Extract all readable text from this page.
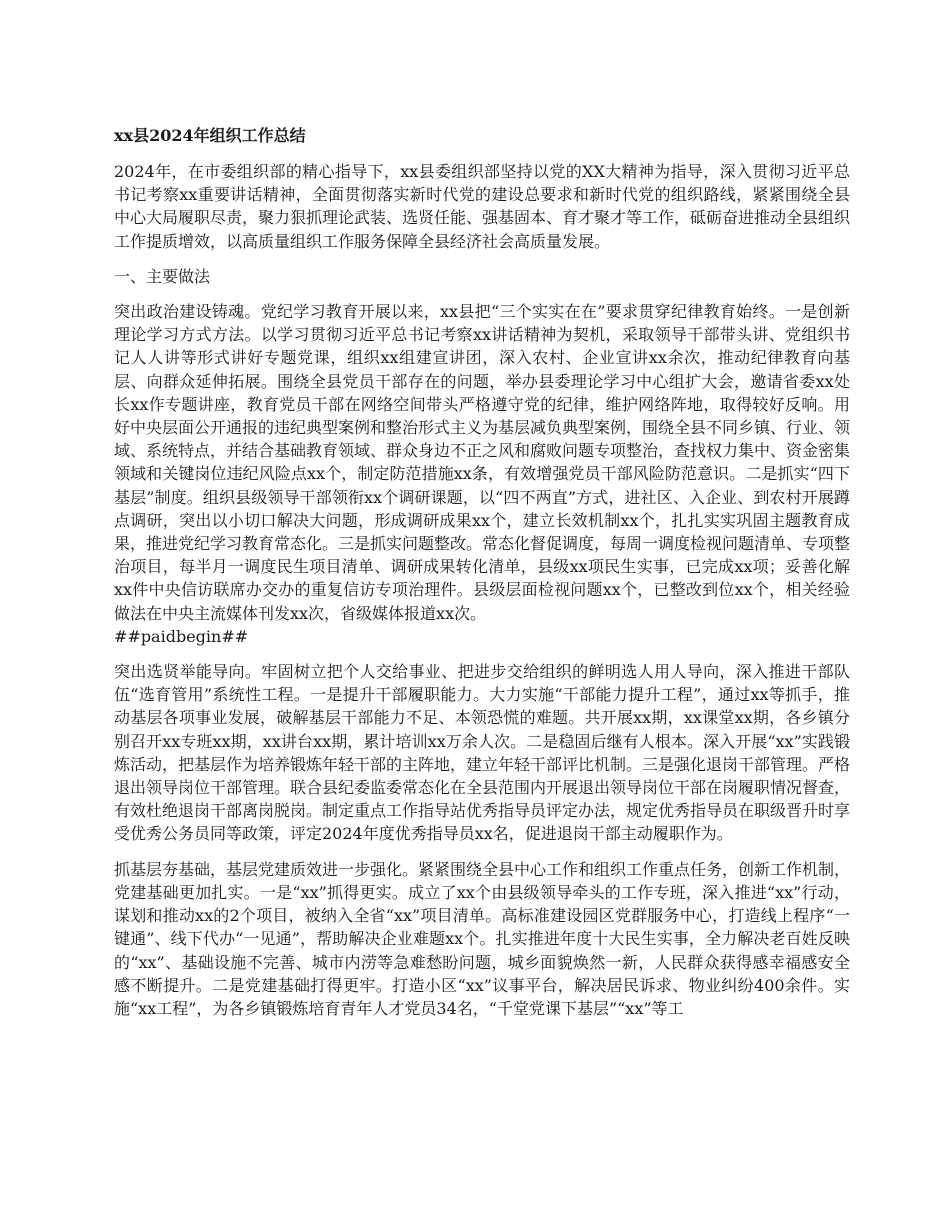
xx县2024年组织工作总结
2024年，在市委组织部的精心指导下，xx县委组织部坚持以党的XX大精神为指导，深入贯彻习近平总书记考察xx重要讲话精神，全面贯彻落实新时代党的建设总要求和新时代党的组织路线，紧紧围绕全县中心大局履职尽责，聚力狠抓理论武装、选贤任能、强基固本、育才聚才等工作，砥砺奋进推动全县组织工作提质增效，以高质量组织工作服务保障全县经济社会高质量发展。
一、主要做法
突出政治建设铸魂。党纪学习教育开展以来，xx县把“三个实实在在”要求贯穿纪律教育始终。一是创新理论学习方式方法。以学习贯彻习近平总书记考察xx讲话精神为契机，采取领导干部带头讲、党组织书记人人讲等形式讲好专题党课，组织xx组建宣讲团，深入农村、企业宣讲xx余次，推动纪律教育向基层、向群众延伸拓展。围绕全县党员干部存在的问题，举办县委理论学习中心组扩大会，邀请省委xx处长xx作专题讲座，教育党员干部在网络空间带头严格遵守党的纪律，维护网络阵地，取得较好反响。用好中央层面公开通报的违纪典型案例和整治形式主义为基层减负典型案例，围绕全县不同乡镇、行业、领域、系统特点，并结合基础教育领域、群众身边不正之风和腐败问题专项整治，查找权力集中、资金密集领域和关键岗位违纪风险点xx个，制定防范措施xx条，有效增强党员干部风险防范意识。二是抓实“四下基层”制度。组织县级领导干部领衔xx个调研课题，以“四不两直”方式，进社区、入企业、到农村开展蹲点调研，突出以小切口解决大问题，形成调研成果xx个，建立长效机制xx个，扎扎实实巩固主题教育成果，推进党纪学习教育常态化。三是抓实问题整改。常态化督促调度，每周一调度检视问题清单、专项整治项目，每半月一调度民生项目清单、调研成果转化清单，县级xx项民生实事，已完成xx项；妥善化解xx件中央信访联席办交办的重复信访专项治理件。县级层面检视问题xx个，已整改到位xx个，相关经验做法在中央主流媒体刊发xx次，省级媒体报道xx次。
##paidbegin##
突出选贤举能导向。牢固树立把个人交给事业、把进步交给组织的鲜明选人用人导向，深入推进干部队伍“选育管用”系统性工程。一是提升干部履职能力。大力实施“干部能力提升工程”，通过xx等抓手，推动基层各项事业发展，破解基层干部能力不足、本领恐慌的难题。共开展xx期，xx课堂xx期，各乡镇分别召开xx专班xx期，xx讲台xx期，累计培训xx万余人次。二是稳固后继有人根本。深入开展“xx”实践锻炼活动，把基层作为培养锻炼年轻干部的主阵地，建立年轻干部评比机制。三是强化退岗干部管理。严格退出领导岗位干部管理。联合县纪委监委常态化在全县范围内开展退出领导岗位干部在岗履职情况督查，有效杜绝退岗干部离岗脱岗。制定重点工作指导站优秀指导员评定办法，规定优秀指导员在职级晋升时享受优秀公务员同等政策，评定2024年度优秀指导员xx名，促进退岗干部主动履职作为。
抓基层夯基础，基层党建质效进一步强化。紧紧围绕全县中心工作和组织工作重点任务，创新工作机制，党建基础更加扎实。一是“xx”抓得更实。成立了xx个由县级领导牵头的工作专班，深入推进“xx”行动，谋划和推动xx的2个项目，被纳入全省“xx”项目清单。高标准建设园区党群服务中心，打造线上程序“一键通”、线下代办“一见通”，帮助解决企业难题xx个。扎实推进年度十大民生实事，全力解决老百姓反映的“xx”、基础设施不完善、城市内涝等急难愁盼问题，城乡面貌焕然一新，人民群众获得感幸福感安全感不断提升。二是党建基础打得更牢。打造小区“xx”议事平台，解决居民诉求、物业纠纷400余件。实施“xx工程”，为各乡镇锻炼培育青年人才党员34名，“千堂党课下基层”“xx”等工
